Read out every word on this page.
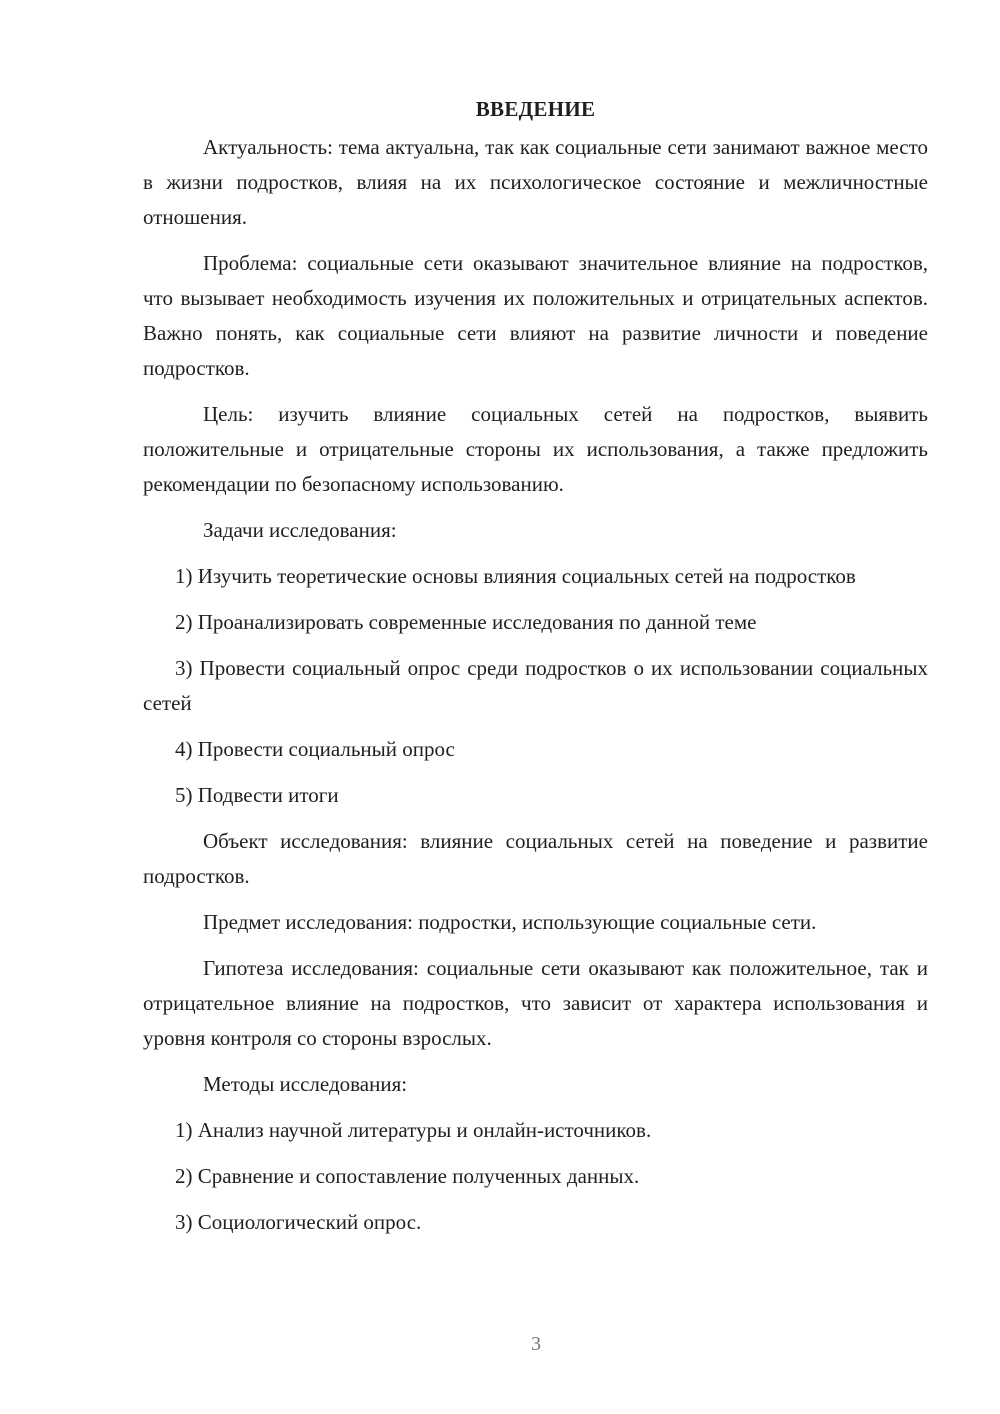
ВВЕДЕНИЕ

Актуальность: тема актуальна, так как социальные сети занимают важное место в жизни подростков, влияя на их психологическое состояние и межличностные отношения.

Проблема: социальные сети оказывают значительное влияние на подростков, что вызывает необходимость изучения их положительных и отрицательных аспектов. Важно понять, как социальные сети влияют на развитие личности и поведение подростков.

Цель: изучить влияние социальных сетей на подростков, выявить положительные и отрицательные стороны их использования, а также предложить рекомендации по безопасному использованию.

Задачи исследования:

1) Изучить теоретические основы влияния социальных сетей на подростков

2) Проанализировать современные исследования по данной теме

3) Провести социальный опрос среди подростков о их использовании социальных сетей

4) Провести социальный опрос

5) Подвести итоги

Объект исследования: влияние социальных сетей на поведение и развитие подростков.

Предмет исследования: подростки, использующие социальные сети.

Гипотеза исследования: социальные сети оказывают как положительное, так и отрицательное влияние на подростков, что зависит от характера использования и уровня контроля со стороны взрослых.

Методы исследования:

1) Анализ научной литературы и онлайн-источников.

2) Сравнение и сопоставление полученных данных.

3) Социологический опрос.

3
